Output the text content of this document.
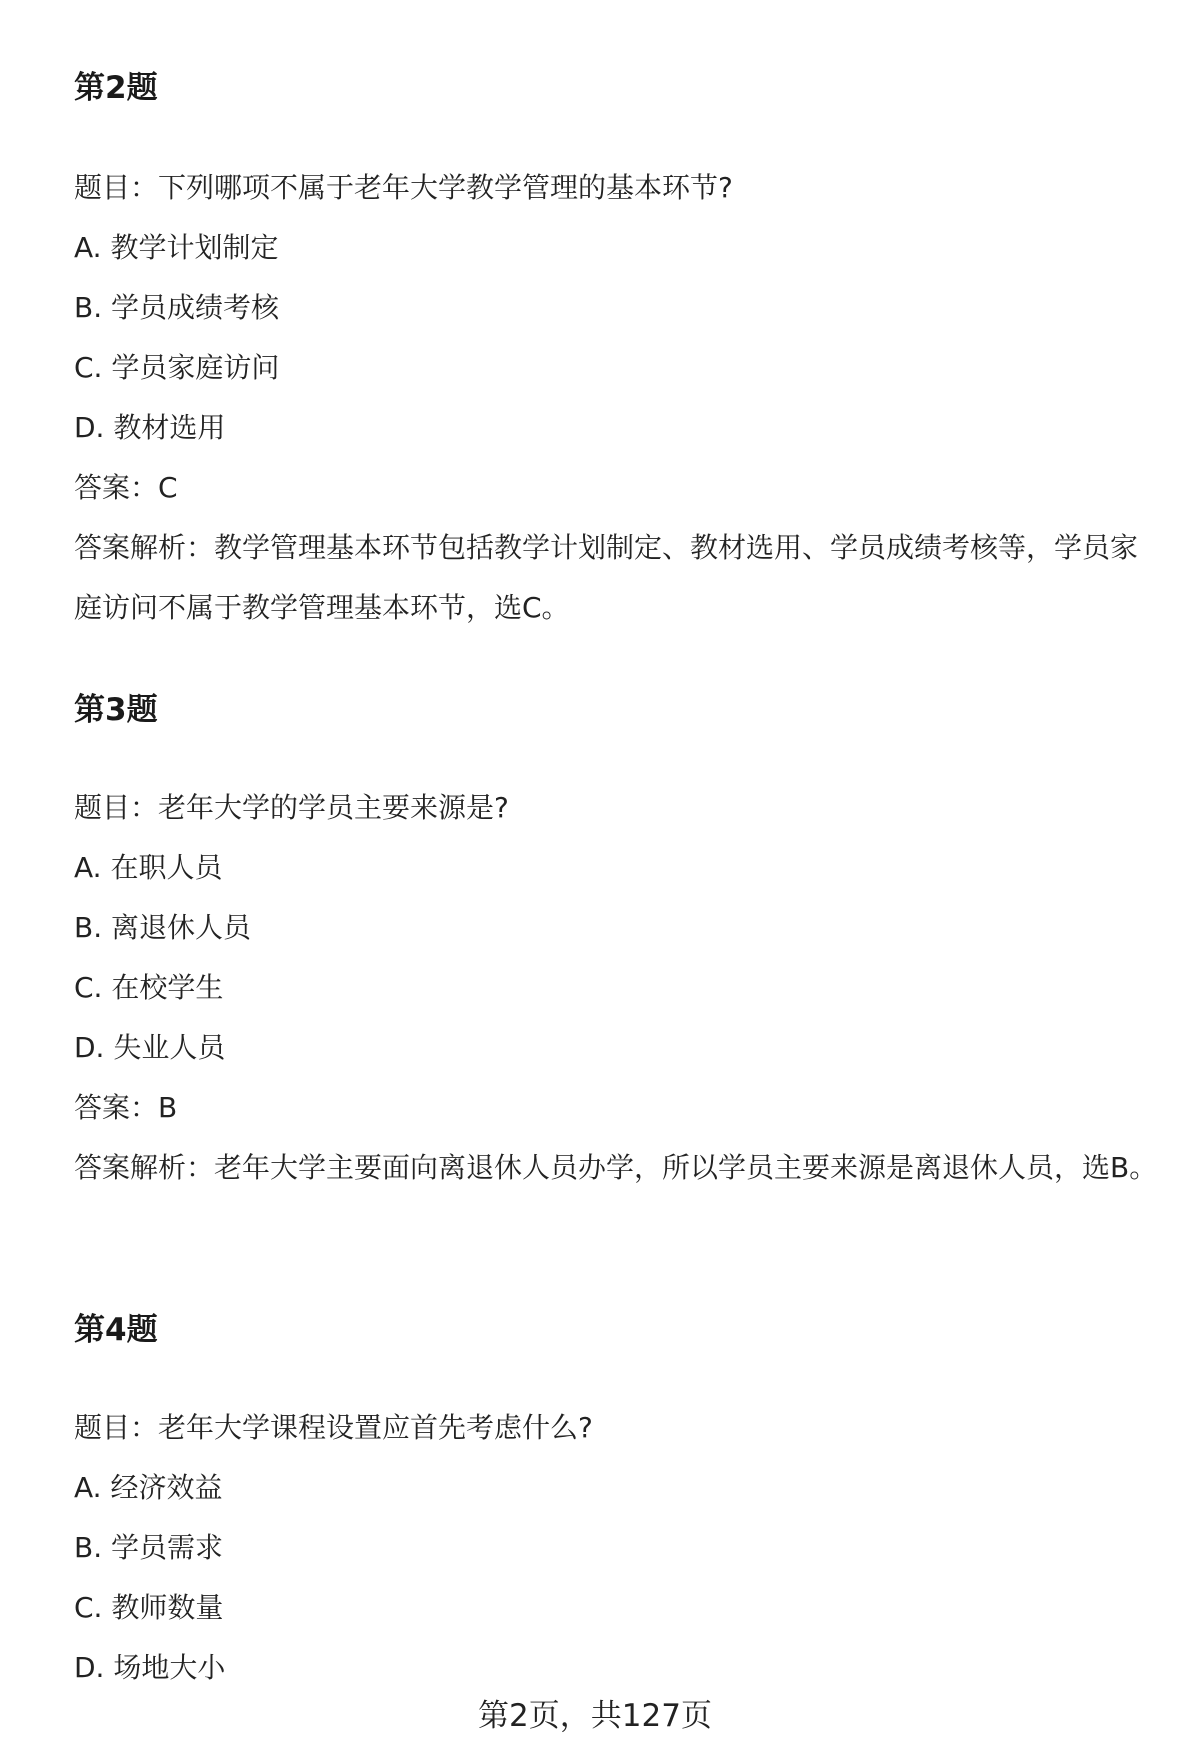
第2题
题目：下列哪项不属于老年大学教学管理的基本环节?
A. 教学计划制定
B. 学员成绩考核
C. 学员家庭访问
D. 教材选用
答案：C
答案解析：教学管理基本环节包括教学计划制定、教材选用、学员成绩考核等，学员家庭访问不属于教学管理基本环节，选C。
第3题
题目：老年大学的学员主要来源是?
A. 在职人员
B. 离退休人员
C. 在校学生
D. 失业人员
答案：B
答案解析：老年大学主要面向离退休人员办学，所以学员主要来源是离退休人员，选B。
第4题
题目：老年大学课程设置应首先考虑什么?
A. 经济效益
B. 学员需求
C. 教师数量
D. 场地大小
第2页，共127页
